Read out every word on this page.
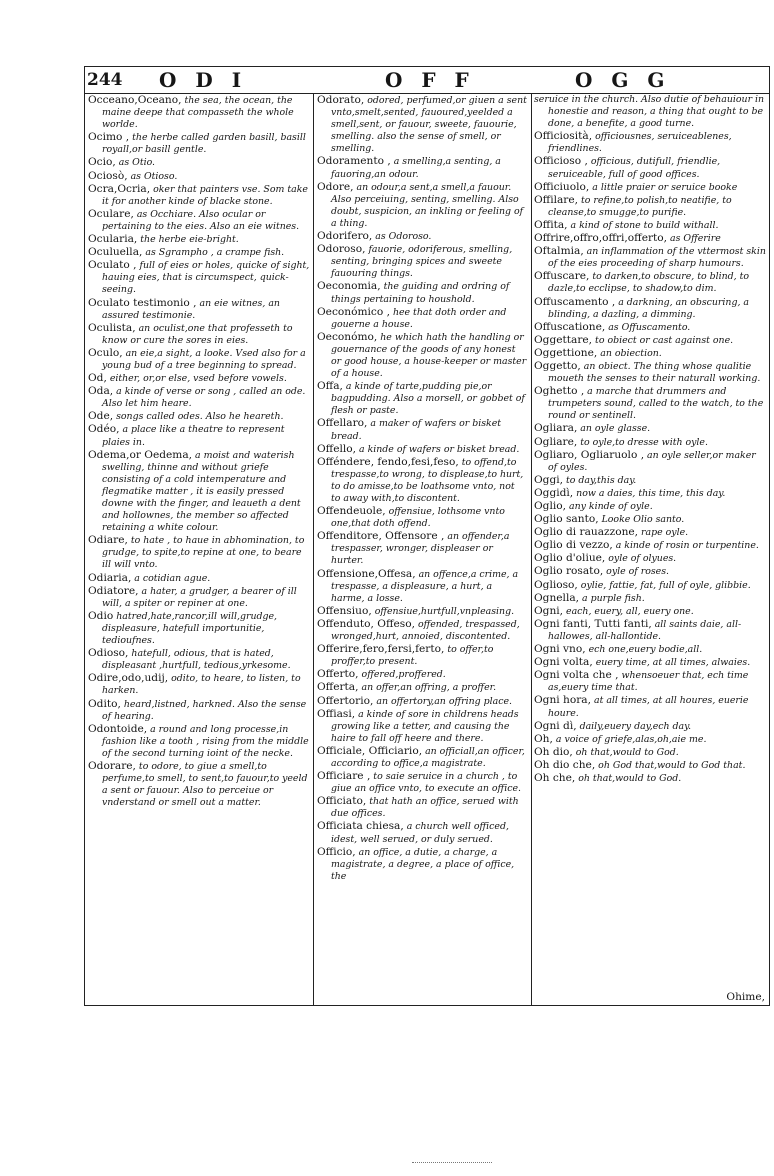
244 O D I	O F F	O G G

Occeano,Oceano, the sea, the ocean, the maine deepe that compasseth the whole worlde.

Ocimo , the herbe called garden basill, basill royall,or basill gentle.

Ocio, as Otio.

Ociosò, as Otioso.

Ocra,Ocria, oker that painters vse. Som take it for another kinde of blacke stone.

Oculare, as Occhiare. Also ocular or pertaining to the eies. Also an eie witnes.

Ocularia, the herbe eie-bright.

Oculuella, as Sgrampho , a crampe fish.

Oculato , full of eies or holes, quicke of sight, hauing eies, that is circumspect, quick-seeing.

Oculato testimonio , an eie witnes, an assured testimonie.

Oculista, an oculist,one that professeth to know or cure the sores in eies.

Oculo, an eie,a sight, a looke. Vsed also for a young bud of a tree beginning to spread.

Od, either, or,or else, vsed before vowels.

Oda, a kinde of verse or song , called an ode. Also let him heare.

Ode, songs called odes. Also he heareth.

Odéo, a place like a theatre to represent plaies in.

Odema,or Oedema, a moist and waterish swelling, thinne and without griefe consisting of a cold intemperature and flegmatike matter , it is easily pressed downe with the finger, and leaueth a dent and hollownes, the member so affected retaining a white colour.

Odiare, to hate , to haue in abhomination, to grudge, to spite,to repine at one, to beare ill will vnto.

Odiaria, a cotidian ague.

Odiatore, a hater, a grudger, a bearer of ill will, a spiter or repiner at one.

Odio hatred,hate,rancor,ill will,grudge, displeasure, hatefull importunitie, tedioufnes.

Odioso, hatefull, odious, that is hated, displeasant ,hurtfull, tedious,yrkesome.

Odire,odo,udij, odito, to heare, to listen, to harken.

Odito, heard,listned, harkned. Also the sense of hearing.

Odontoide, a round and long processe,in fashion like a tooth , rising from the middle of the second turning ioint of the necke.

Odorare, to odore, to giue a smell,to perfume,to smell, to sent,to fauour,to yeeld a sent or fauour. Also to perceiue or vnderstand or smell out a matter.

Odorato, odored, perfumed,or giuen a sent vnto,smelt,sented, fauoured,yeelded a smell,sent, or fauour, sweete, fauourie, smelling. also the sense of smell, or smelling.

Odoramento , a smelling,a senting, a fauoring,an odour.

Odore, an odour,a sent,a smell,a fauour. Also perceiuing, senting, smelling. Also doubt, suspicion, an inkling or feeling of a thing.

Odorifero, as Odoroso.

Odoroso, fauorie, odoriferous, smelling, senting, bringing spices and sweete fauouring things.

Oeconomia, the guiding and ordring of things pertaining to houshold.

Oeconómico , hee that doth order and gouerne a house.

Oeconómo, he which hath the handling or gouernance of the goods of any honest or good house, a house-keeper or master of a house.

Offa, a kinde of tarte,pudding pie,or bagpudding. Also a morsell, or gobbet of flesh or paste.

Offellaro, a maker of wafers or bisket bread.

Offello, a kinde of wafers or bisket bread.

Offéndere, fendo,fesi,feso, to offend,to trespasse,to wrong, to displease,to hurt, to do amisse,to be loathsome vnto, not to away with,to discontent.

Offendeuole, offensiue, lothsome vnto one,that doth offend.

Offenditore, Offensore , an offender,a trespasser, wronger, displeaser or hurter.

Offensione,Offesa, an offence,a crime, a trespasse, a displeasure, a hurt, a harme, a losse.

Offensiuo, offensiue,hurtfull,vnpleasing.

Offenduto, Offeso, offended, trespassed, wronged,hurt, annoied, discontented.

Offerire,fero,fersi,ferto, to offer,to proffer,to present.

Offerto, offered,proffered.

Offerta, an offer,an offring, a proffer.

Offertorio, an offertory,an offring place.

Offiasi, a kinde of sore in childrens heads growing like a tetter, and causing the haire to fall off heere and there.

Officiale, Officiario, an officiall,an officer, according to office,a magistrate.

Officiare , to saie seruice in a church , to giue an office vnto, to execute an office.

Officiato, that hath an office, serued with due offices.

Officiata chiesa, a church well officed, idest, well serued, or duly serued.

Officio, an office, a dutie, a charge, a magistrate, a degree, a place of office, the

seruice in the church. Also dutie of behauiour in honestie and reason, a thing that ought to be done, a benefite, a good turne.

Officiosità, officiousnes, seruiceablenes, friendlines.

Officioso , officious, dutifull, friendlie, seruiceable, full of good offices.

Officiuolo, a little praier or seruice booke

Offilare, to refine,to polish,to neatifie, to cleanse,to smugge,to purifie.

Offita, a kind of stone to build withall.

Offrire,offro,offri,offerto, as Offerire

Oftalmia, an inflammation of the vttermost skin of the eies proceeding of sharp humours.

Offuscare, to darken,to obscure, to blind, to dazle,to ecclipse, to shadow,to dim.

Offuscamento , a darkning, an obscuring, a blinding, a dazling, a dimming.

Offuscatione, as Offuscamento.

Oggettare, to obiect or cast against one.

Oggettione, an obiection.

Oggetto, an obiect. The thing whose qualitie moueth the senses to their naturall working.

Oghetto , a marche that drummers and trumpeters sound, called to the watch, to the round or sentinell.

Ogliara, an oyle glasse.

Ogliare, to oyle,to dresse with oyle.

Ogliaro, Ogliaruolo , an oyle seller,or maker of oyles.

Oggi, to day,this day.

Oggidì, now a daies, this time, this day.

Oglio, any kinde of oyle.

Oglio santo, Looke Olio santo.

Oglio di rauazzone, rape oyle.

Oglio di vezzo, a kinde of rosin or turpentine.

Oglio d'oliue, oyle of olyues.

Oglio rosato, oyle of roses.

Oglioso, oylie, fattie, fat, full of oyle, glibbie.

Ognella, a purple fish.

Ogni, each, euery, all, euery one.

Ogni fanti, Tutti fanti, all saints daie, all-hallowes, all-hallontide.

Ogni vno, ech one,euery bodie,all.

Ogni volta, euery time, at all times, alwaies.

Ogni volta che , whensoeuer that, ech time as,euery time that.

Ogni hora, at all times, at all houres, euerie houre.

Ogni dì, daily,euery day,ech day.

Oh, a voice of griefe,alas,oh,aie me.

Oh dio, oh that,would to God.

Oh dio che, oh God that,would to God that.

Oh che, oh that,would to God.

Ohime,
